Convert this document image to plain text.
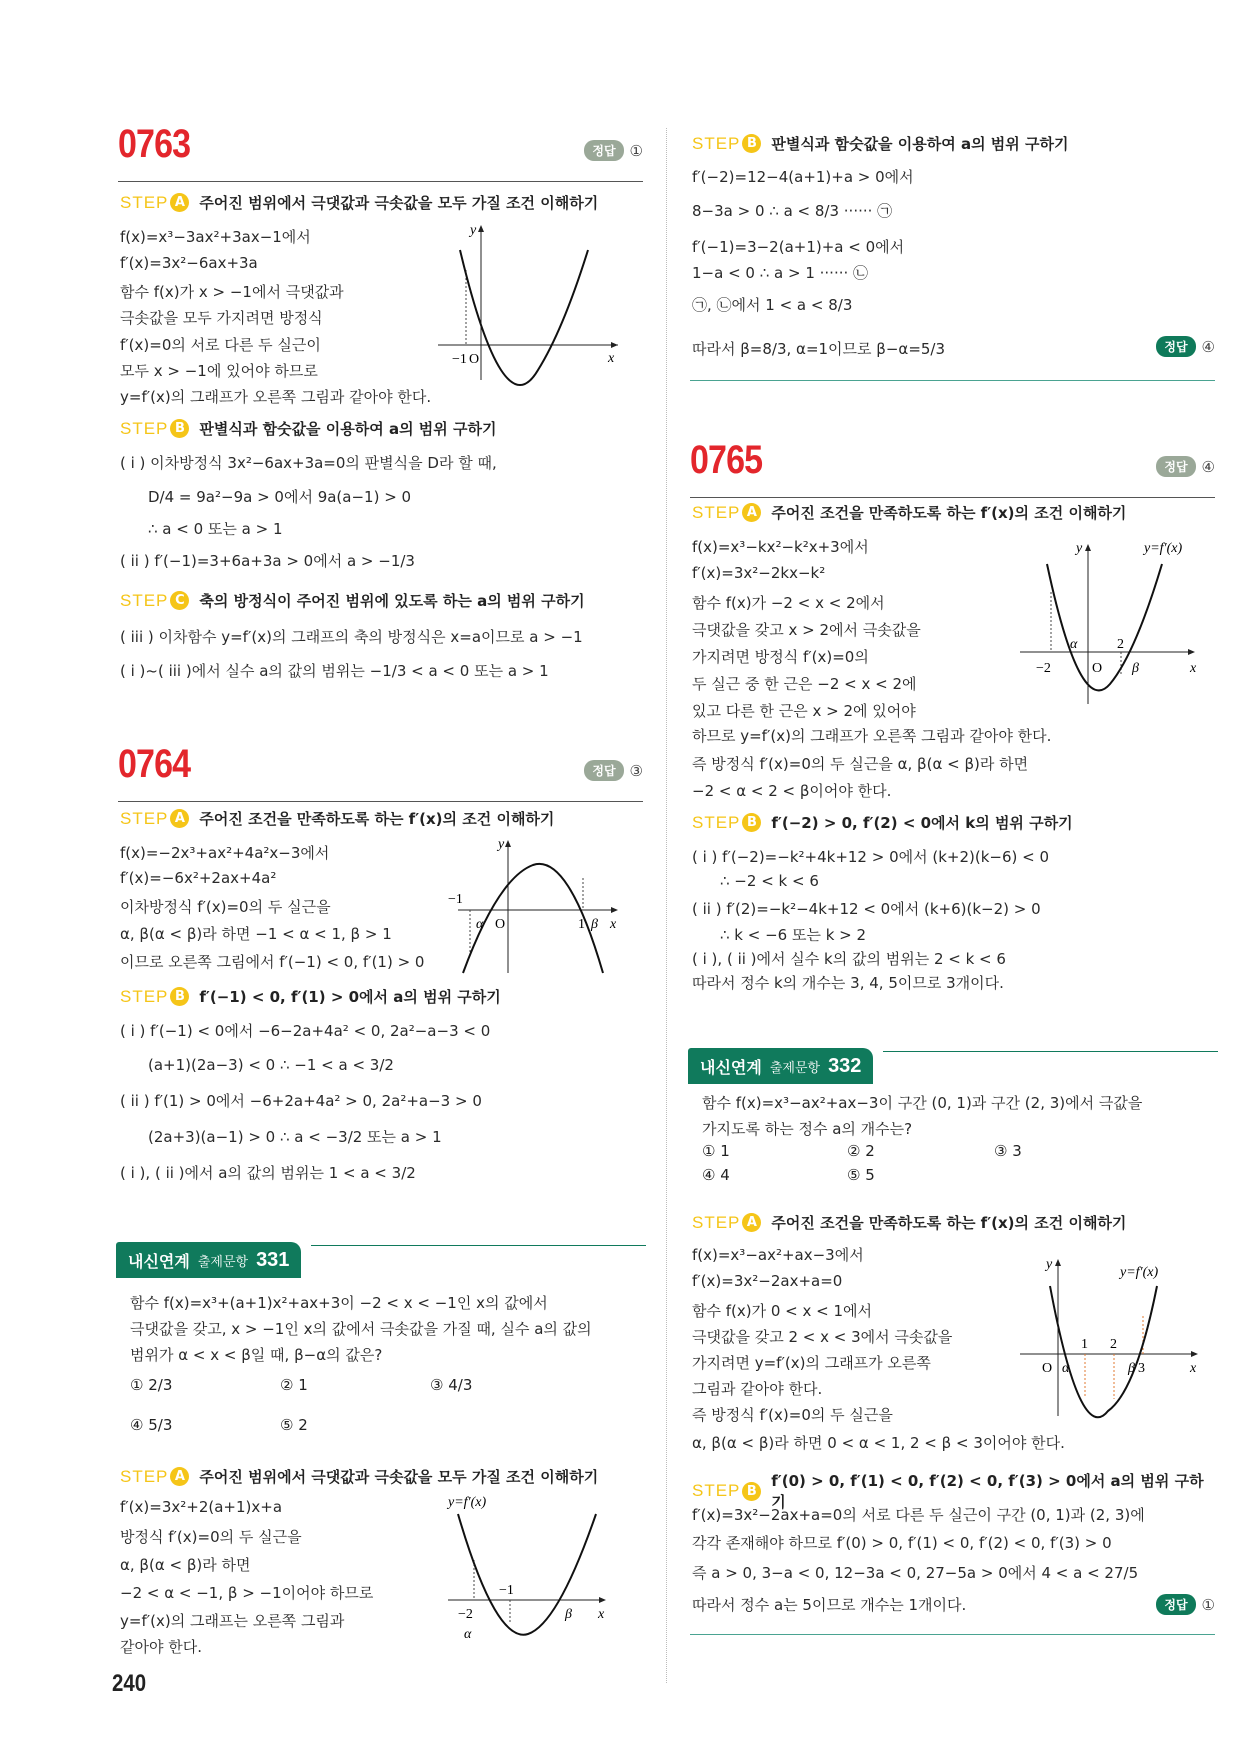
0763	정답 ①
STEP A 주어진 범위에서 극댓값과 극솟값을 모두 가질 조건 이해하기
f(x)=x³−3ax²+3ax−1에서
f′(x)=3x²−6ax+3a
함수 f(x)가 x > −1에서 극댓값과
극솟값을 모두 가지려면 방정식
f′(x)=0의 서로 다른 두 실근이
모두 x > −1에 있어야 하므로
y=f′(x)의 그래프가 오른쪽 그림과 같아야 한다.
y
x
−1 O
STEP B 판별식과 함숫값을 이용하여 a의 범위 구하기
( i ) 이차방정식 3x²−6ax+3a=0의 판별식을 D라 할 때,
D/4 = 9a²−9a > 0에서 9a(a−1) > 0
∴ a < 0 또는 a > 1
( ii ) f′(−1)=3+6a+3a > 0에서 a > −1/3
STEP C 축의 방정식이 주어진 범위에 있도록 하는 a의 범위 구하기
( iii ) 이차함수 y=f′(x)의 그래프의 축의 방정식은 x=a이므로 a > −1
( i )~( iii )에서 실수 a의 값의 범위는 −1/3 < a < 0 또는 a > 1
0764	정답 ③
STEP A 주어진 조건을 만족하도록 하는 f′(x)의 조건 이해하기
f(x)=−2x³+ax²+4a²x−3에서
f′(x)=−6x²+2ax+4a²
이차방정식 f′(x)=0의 두 실근을
α, β(α < β)라 하면 −1 < α < 1, β > 1
이므로 오른쪽 그림에서 f′(−1) < 0, f′(1) > 0
y
x
−1
α O	1 β
STEP B f′(−1) < 0, f′(1) > 0에서 a의 범위 구하기
( i ) f′(−1) < 0에서 −6−2a+4a² < 0, 2a²−a−3 < 0
(a+1)(2a−3) < 0 ∴ −1 < a < 3/2
( ii ) f′(1) > 0에서 −6+2a+4a² > 0, 2a²+a−3 > 0
(2a+3)(a−1) > 0 ∴ a < −3/2 또는 a > 1
( i ), ( ii )에서 a의 값의 범위는 1 < a < 3/2
내신연계 출제문항 331
함수 f(x)=x³+(a+1)x²+ax+3이 −2 < x < −1인 x의 값에서
극댓값을 갖고, x > −1인 x의 값에서 극솟값을 가질 때, 실수 a의 값의
범위가 α < x < β일 때, β−α의 값은?
① 2/3	② 1	③ 4/3
④ 5/3	⑤ 2
STEP A 주어진 범위에서 극댓값과 극솟값을 모두 가질 조건 이해하기
f′(x)=3x²+2(a+1)x+a
방정식 f′(x)=0의 두 실근을
α, β(α < β)라 하면
−2 < α < −1, β > −1이어야 하므로
y=f′(x)의 그래프는 오른쪽 그림과
같아야 한다.
y=f′(x)
−1
−2
α
β x
240
STEP B 판별식과 함숫값을 이용하여 a의 범위 구하기
f′(−2)=12−4(a+1)+a > 0에서
8−3a > 0 ∴ a < 8/3 ······ ㉠
f′(−1)=3−2(a+1)+a < 0에서
1−a < 0 ∴ a > 1 ······ ㉡
㉠, ㉡에서 1 < a < 8/3
따라서 β=8/3, α=1이므로 β−α=5/3	정답 ④
0765	정답 ④
STEP A 주어진 조건을 만족하도록 하는 f′(x)의 조건 이해하기
f(x)=x³−kx²−k²x+3에서
f′(x)=3x²−2kx−k²
함수 f(x)가 −2 < x < 2에서
극댓값을 갖고 x > 2에서 극솟값을
가지려면 방정식 f′(x)=0의
두 실근 중 한 근은 −2 < x < 2에
있고 다른 한 근은 x > 2에 있어야
하므로 y=f′(x)의 그래프가 오른쪽 그림과 같아야 한다.
즉 방정식 f′(x)=0의 두 실근을 α, β(α < β)라 하면
−2 < α < 2 < β이어야 한다.
y	y=f′(x)
x
−2
α
O
2
β
STEP B f′(−2) > 0, f′(2) < 0에서 k의 범위 구하기
( i ) f′(−2)=−k²+4k+12 > 0에서 (k+2)(k−6) < 0
∴ −2 < k < 6
( ii ) f′(2)=−k²−4k+12 < 0에서 (k+6)(k−2) > 0
∴ k < −6 또는 k > 2
( i ), ( ii )에서 실수 k의 값의 범위는 2 < k < 6
따라서 정수 k의 개수는 3, 4, 5이므로 3개이다.
내신연계 출제문항 332
함수 f(x)=x³−ax²+ax−3이 구간 (0, 1)과 구간 (2, 3)에서 극값을
가지도록 하는 정수 a의 개수는?
① 1	② 2	③ 3
④ 4	⑤ 5
STEP A 주어진 조건을 만족하도록 하는 f′(x)의 조건 이해하기
f(x)=x³−ax²+ax−3에서
f′(x)=3x²−2ax+a=0
함수 f(x)가 0 < x < 1에서
극댓값을 갖고 2 < x < 3에서 극솟값을
가지려면 y=f′(x)의 그래프가 오른쪽
그림과 같아야 한다.
즉 방정식 f′(x)=0의 두 실근을
α, β(α < β)라 하면 0 < α < 1, 2 < β < 3이어야 한다.
y
y=f′(x)
x
O α
1 2
β 3
STEP B
f′(0) > 0, f′(1) < 0, f′(2) < 0, f′(3) > 0에서 a의 범위 구하기
f′(x)=3x²−2ax+a=0의 서로 다른 두 실근이 구간 (0, 1)과 (2, 3)에
각각 존재해야 하므로 f′(0) > 0, f′(1) < 0, f′(2) < 0, f′(3) > 0
즉 a > 0, 3−a < 0, 12−3a < 0, 27−5a > 0에서 4 < a < 27/5
따라서 정수 a는 5이므로 개수는 1개이다.	정답 ①
